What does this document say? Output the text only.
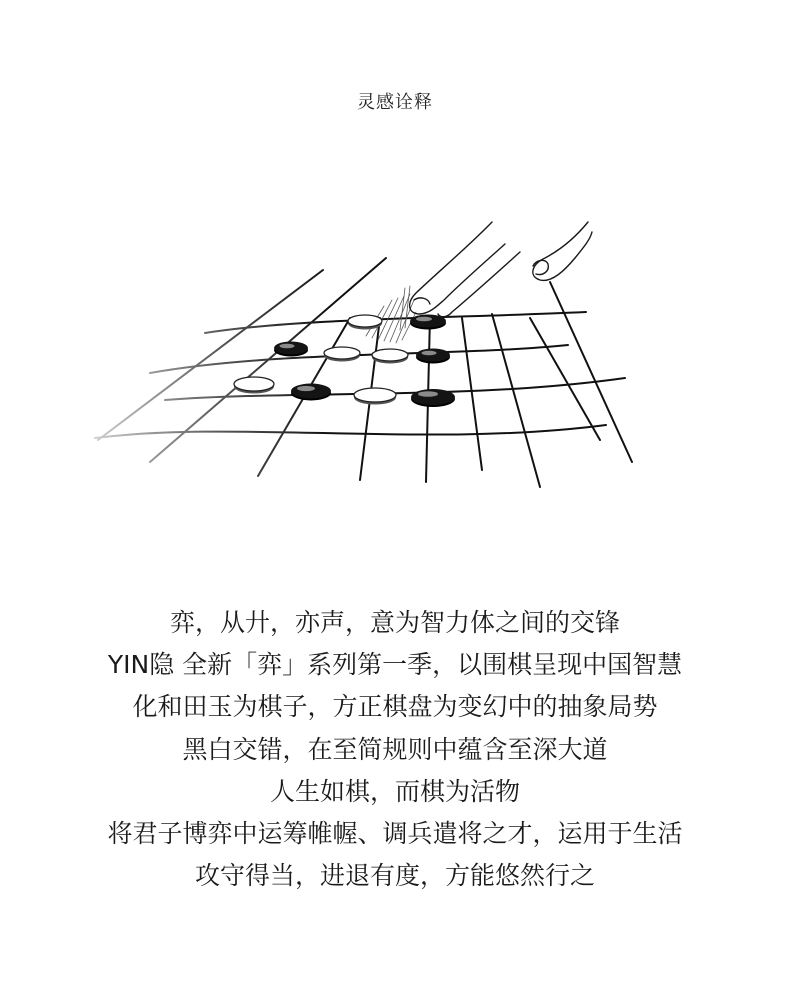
灵感诠释
弈，从廾，亦声，意为智力体之间的交锋
YIN隐 全新「弈」系列第一季，以围棋呈现中国智慧
化和田玉为棋子，方正棋盘为变幻中的抽象局势
黑白交错，在至简规则中蕴含至深大道
人生如棋，而棋为活物
将君子博弈中运筹帷幄、调兵遣将之才，运用于生活
攻守得当，进退有度，方能悠然行之
